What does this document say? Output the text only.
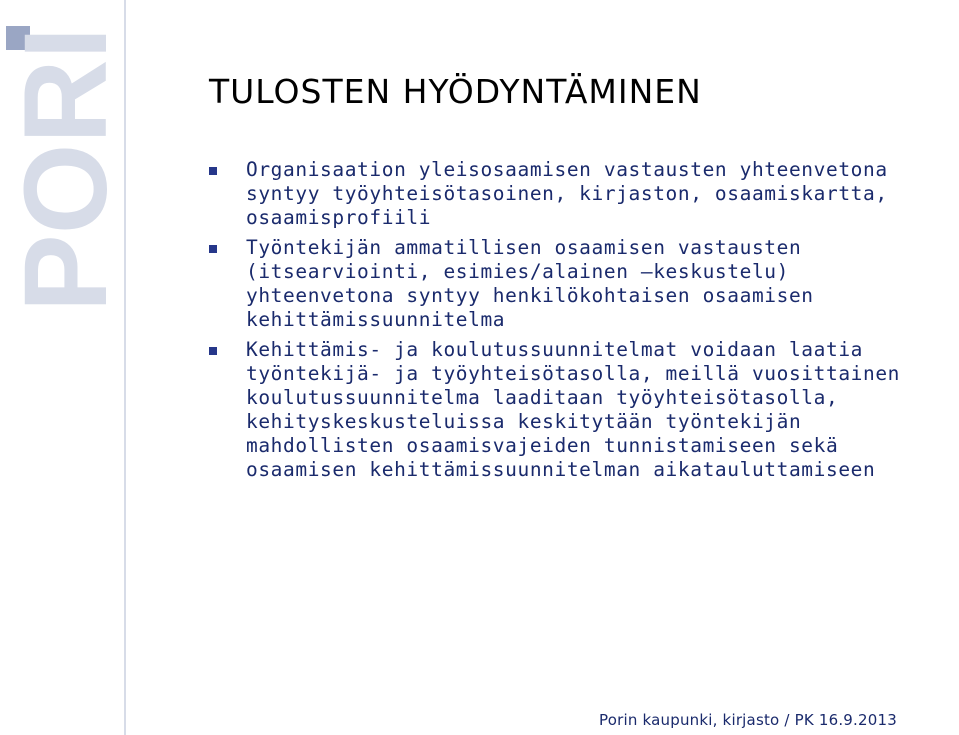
PORI TULOSTEN HYÖDYNTÄMINEN
Organisaation yleisosaamisen vastausten yhteenvetona syntyy työyhteisötasoinen, kirjaston, osaamiskartta, osaamisprofiili
Työntekijän ammatillisen osaamisen vastausten (itsearviointi, esimies/alainen –keskustelu) yhteenvetona syntyy henkilökohtaisen osaamisen kehittämissuunnitelma
Kehittämis- ja koulutussuunnitelmat voidaan laatia työntekijä- ja työyhteisötasolla, meillä vuosittainen koulutussuunnitelma laaditaan työyhteisötasolla, kehityskeskusteluissa keskitytään työntekijän mahdollisten osaamisvajeiden tunnistamiseen sekä osaamisen kehittämissuunnitelman aikatauluttamiseen
Porin kaupunki, kirjasto / PK 16.9.2013
